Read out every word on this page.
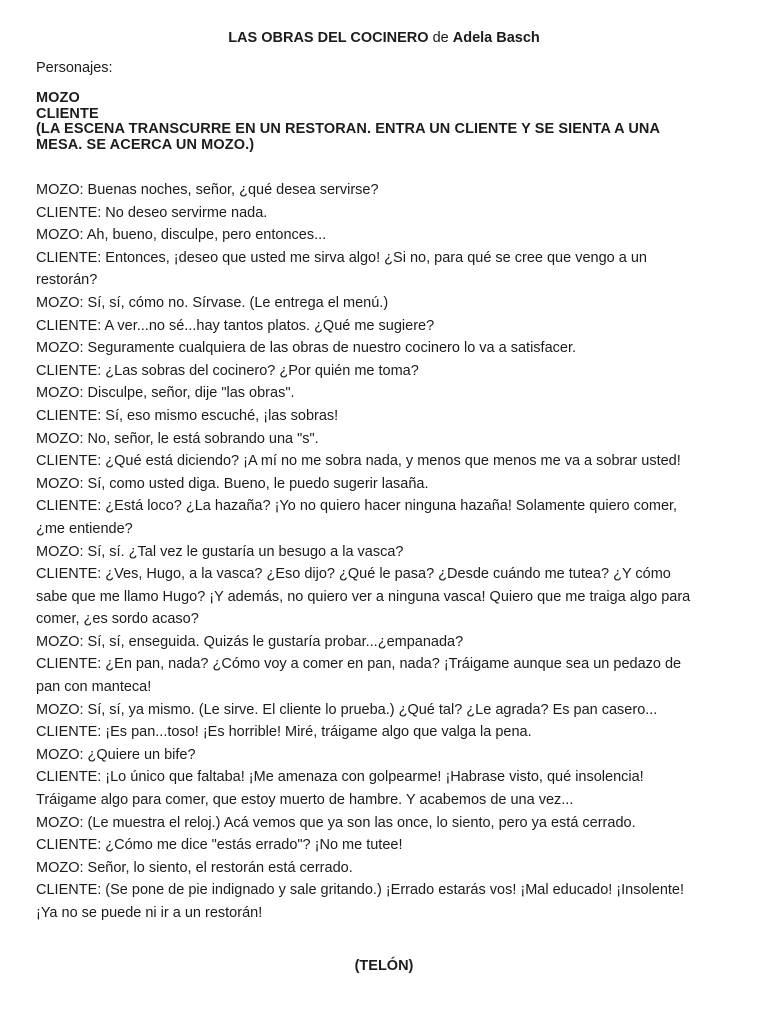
LAS OBRAS DEL COCINERO de Adela Basch
Personajes:
MOZO
CLIENTE
(LA ESCENA TRANSCURRE EN UN RESTORAN. ENTRA UN CLIENTE Y SE SIENTA A UNA
MESA. SE ACERCA UN MOZO.)
MOZO: Buenas noches, señor, ¿qué desea servirse?
CLIENTE: No deseo servirme nada.
MOZO: Ah, bueno, disculpe, pero entonces...
CLIENTE: Entonces, ¡deseo que usted me sirva algo! ¿Si no, para qué se cree que vengo a un
restorán?
MOZO: Sí, sí, cómo no. Sírvase. (Le entrega el menú.)
CLIENTE: A ver...no sé...hay tantos platos. ¿Qué me sugiere?
MOZO: Seguramente cualquiera de las obras de nuestro cocinero lo va a satisfacer.
CLIENTE: ¿Las sobras del cocinero? ¿Por quién me toma?
MOZO: Disculpe, señor, dije "las obras".
CLIENTE: Sí, eso mismo escuché, ¡las sobras!
MOZO: No, señor, le está sobrando una "s".
CLIENTE: ¿Qué está diciendo? ¡A mí no me sobra nada, y menos que menos me va a sobrar usted!
MOZO: Sí, como usted diga. Bueno, le puedo sugerir lasaña.
CLIENTE: ¿Está loco? ¿La hazaña? ¡Yo no quiero hacer ninguna hazaña! Solamente quiero comer,
¿me entiende?
MOZO: Sí, sí. ¿Tal vez le gustaría un besugo a la vasca?
CLIENTE: ¿Ves, Hugo, a la vasca? ¿Eso dijo? ¿Qué le pasa? ¿Desde cuándo me tutea? ¿Y cómo
sabe que me llamo Hugo? ¡Y además, no quiero ver a ninguna vasca! Quiero que me traiga algo para
comer, ¿es sordo acaso?
MOZO: Sí, sí, enseguida. Quizás le gustaría probar...¿empanada?
CLIENTE: ¿En pan, nada? ¿Cómo voy a comer en pan, nada? ¡Tráigame aunque sea un pedazo de
pan con manteca!
MOZO: Sí, sí, ya mismo. (Le sirve. El cliente lo prueba.) ¿Qué tal? ¿Le agrada? Es pan casero...
CLIENTE: ¡Es pan...toso! ¡Es horrible! Miré, tráigame algo que valga la pena.
MOZO: ¿Quiere un bife?
CLIENTE: ¡Lo único que faltaba! ¡Me amenaza con golpearme! ¡Habrase visto, qué insolencia!
Tráigame algo para comer, que estoy muerto de hambre. Y acabemos de una vez...
MOZO: (Le muestra el reloj.) Acá vemos que ya son las once, lo siento, pero ya está cerrado.
CLIENTE: ¿Cómo me dice "estás errado"? ¡No me tutee!
MOZO: Señor, lo siento, el restorán está cerrado.
CLIENTE: (Se pone de pie indignado y sale gritando.) ¡Errado estarás vos! ¡Mal educado! ¡Insolente!
¡Ya no se puede ni ir a un restorán!
(TELÓN)
